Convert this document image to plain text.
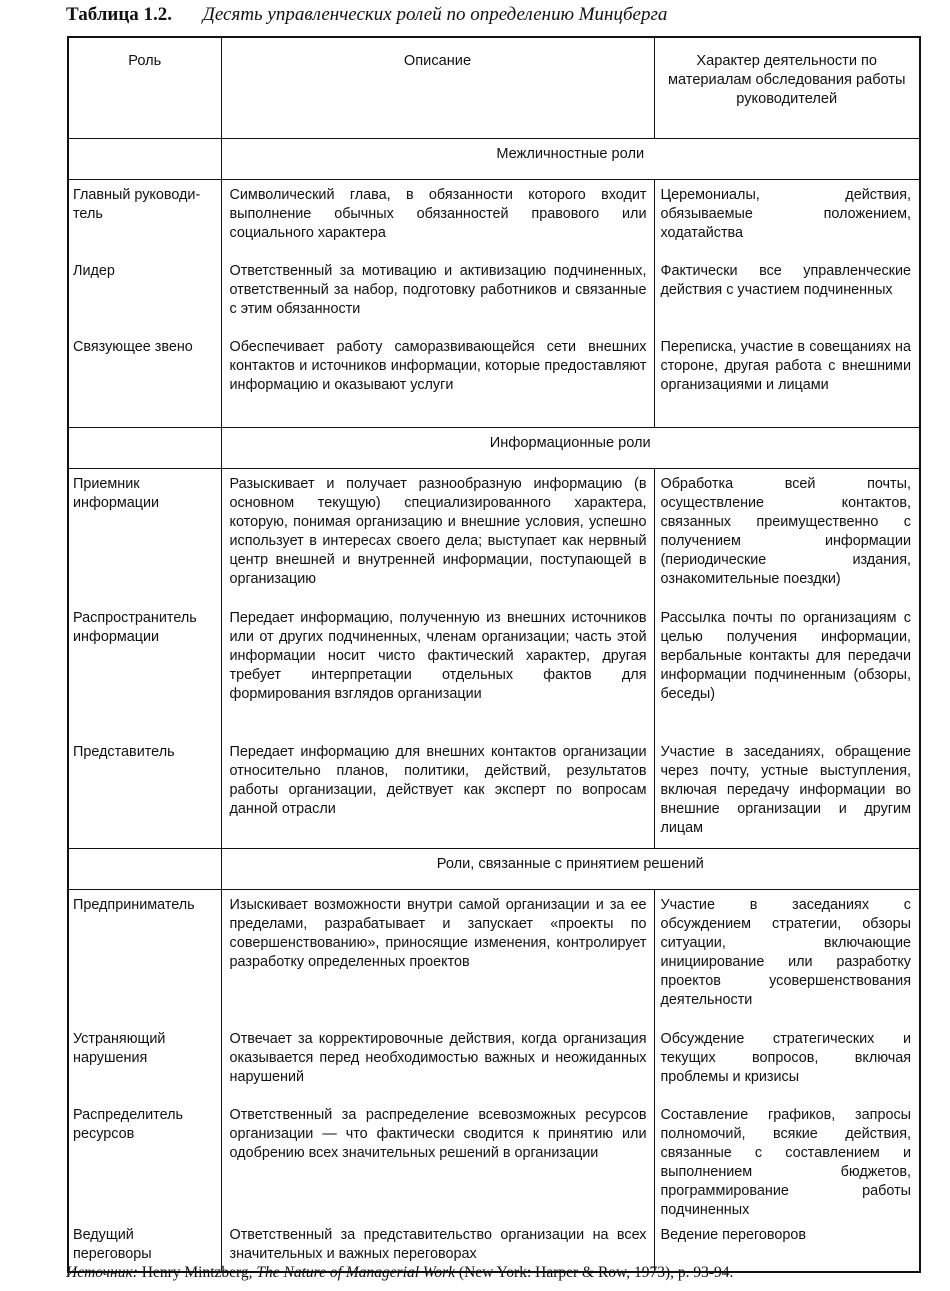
Таблица 1.2. Десять управленческих ролей по определению Минцберга
Роль	Описание	Характер деятельности по материалам обследования работы руководителей
	Межличностные роли	
Главный руководи-тель	Символический глава, в обязанности которого входит выполнение обычных обязанностей правового или социального характера	Церемониалы, действия, обязываемые положением, ходатайства
Лидер	Ответственный за мотивацию и активизацию подчиненных, ответственный за набор, подготовку работников и связанные с этим обязанности	Фактически все управленческие действия с участием подчиненных
Связующее звено	Обеспечивает работу саморазвивающейся сети внешних контактов и источников информации, которые предоставляют информацию и оказывают услуги	Переписка, участие в совещаниях на стороне, другая работа с внешними организациями и лицами
	Информационные роли	
Приемник информации	Разыскивает и получает разнообразную информацию (в основном текущую) специализированного характера, которую, понимая организацию и внешние условия, успешно использует в интересах своего дела; выступает как нервный центр внешней и внутренней информации, поступающей в организацию	Обработка всей почты, осуществление контактов, связанных преимущественно с получением информации (периодические издания, ознакомительные поездки)
Распространитель информации	Передает информацию, полученную из внешних источников или от других подчиненных, членам организации; часть этой информации носит чисто фактический характер, другая требует интерпретации отдельных фактов для формирования взглядов организации	Рассылка почты по организациям с целью получения информации, вербальные контакты для передачи информации подчиненным (обзоры, беседы)
Представитель	Передает информацию для внешних контактов организации относительно планов, политики, действий, результатов работы организации, действует как эксперт по вопросам данной отрасли	Участие в заседаниях, обращение через почту, устные выступления, включая передачу информации во внешние организации и другим лицам
	Роли, связанные с принятием решений	
Предприниматель	Изыскивает возможности внутри самой организации и за ее пределами, разрабатывает и запускает «проекты по совершенствованию», приносящие изменения, контролирует разработку определенных проектов	Участие в заседаниях с обсуждением стратегии, обзоры ситуации, включающие инициирование или разработку проектов усовершенствования деятельности
Устраняющий нарушения	Отвечает за корректировочные действия, когда организация оказывается перед необходимостью важных и неожиданных нарушений	Обсуждение стратегических и текущих вопросов, включая проблемы и кризисы
Распределитель ресурсов	Ответственный за распределение всевозможных ресурсов организации — что фактически сводится к принятию или одобрению всех значительных решений в организации	Составление графиков, запросы полномочий, всякие действия, связанные с составлением и выполнением бюджетов, программирование работы подчиненных
Ведущий переговоры	Ответственный за представительство организации на всех значительных и важных переговорах	Ведение переговоров
Источник: Henry Mintzberg, The Nature of Managerial Work (New York: Harper & Row, 1973), p. 93-94.
